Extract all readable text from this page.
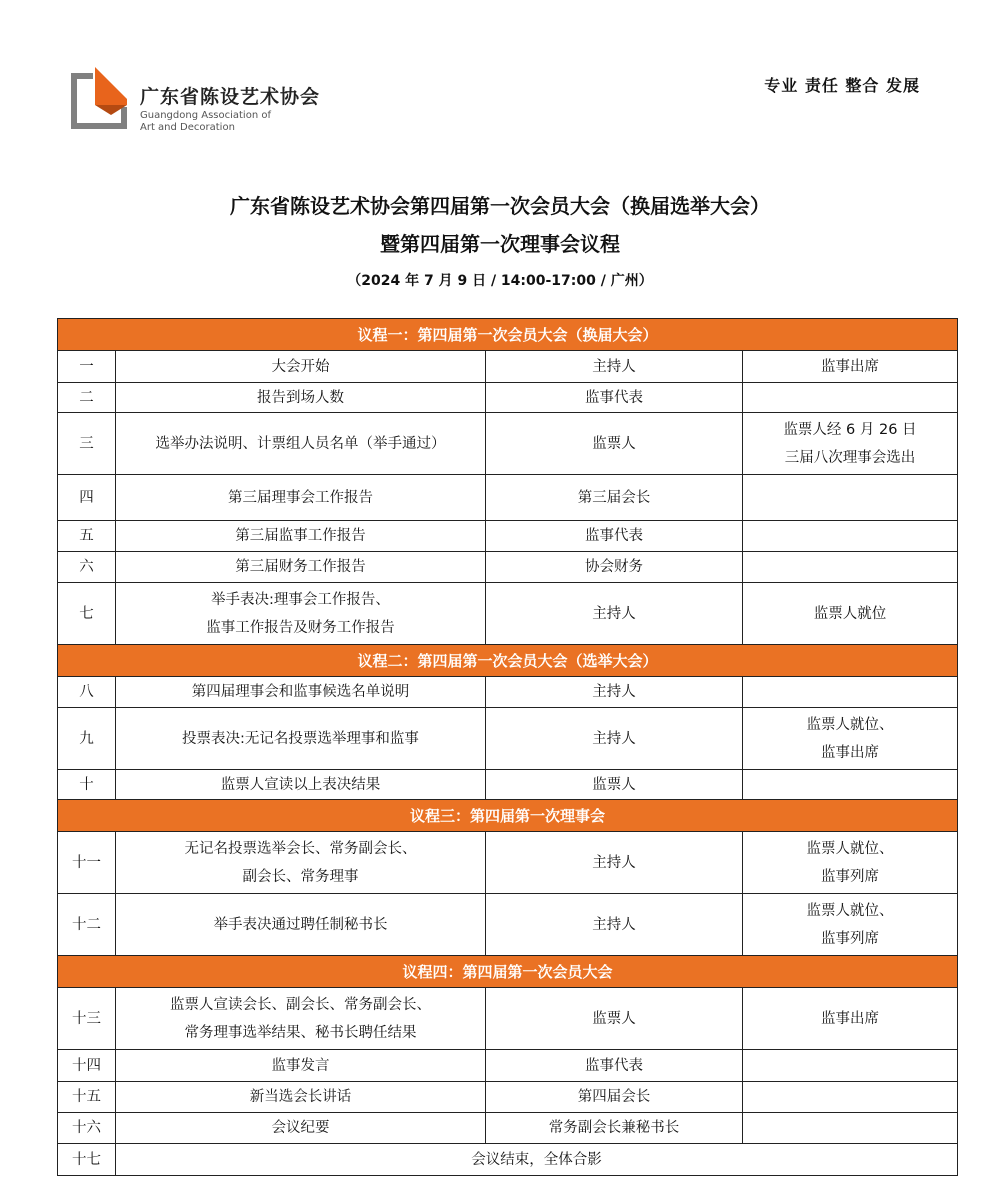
广东省陈设艺术协会
Guangdong Association of
Art and Decoration
专业 责任 整合 发展
广东省陈设艺术协会第四届第一次会员大会（换届选举大会）
暨第四届第一次理事会议程
（2024 年 7 月 9 日 / 14:00-17:00 / 广州）
议程一：第四届第一次会员大会（换届大会）			
一	大会开始	主持人	监事出席

二	报告到场人数	监事代表	
三	选举办法说明、计票组人员名单（举手通过）	监票人	监票人经 6 月 26 日
三届八次理事会选出

四	第三届理事会工作报告	第三届会长	
五	第三届监事工作报告	监事代表	
六	第三届财务工作报告	协会财务	
七	举手表决:理事会工作报告、
监事工作报告及财务工作报告	主持人	监票人就位

议程二：第四届第一次会员大会（选举大会）			
八	第四届理事会和监事候选名单说明	主持人	
九	投票表决:无记名投票选举理事和监事	主持人	监票人就位、
监事出席

十	监票人宣读以上表决结果	监票人	
议程三：第四届第一次理事会			
十一	无记名投票选举会长、常务副会长、
副会长、常务理事	主持人	监票人就位、
监事列席

十二	举手表决通过聘任制秘书长	主持人	监票人就位、
监事列席

议程四：第四届第一次会员大会			
十三	监票人宣读会长、副会长、常务副会长、
常务理事选举结果、秘书长聘任结果	监票人	监事出席

十四	监事发言	监事代表	
十五	新当选会长讲话	第四届会长	
十六	会议纪要	常务副会长兼秘书长	
十七	会议结束，全体合影		
